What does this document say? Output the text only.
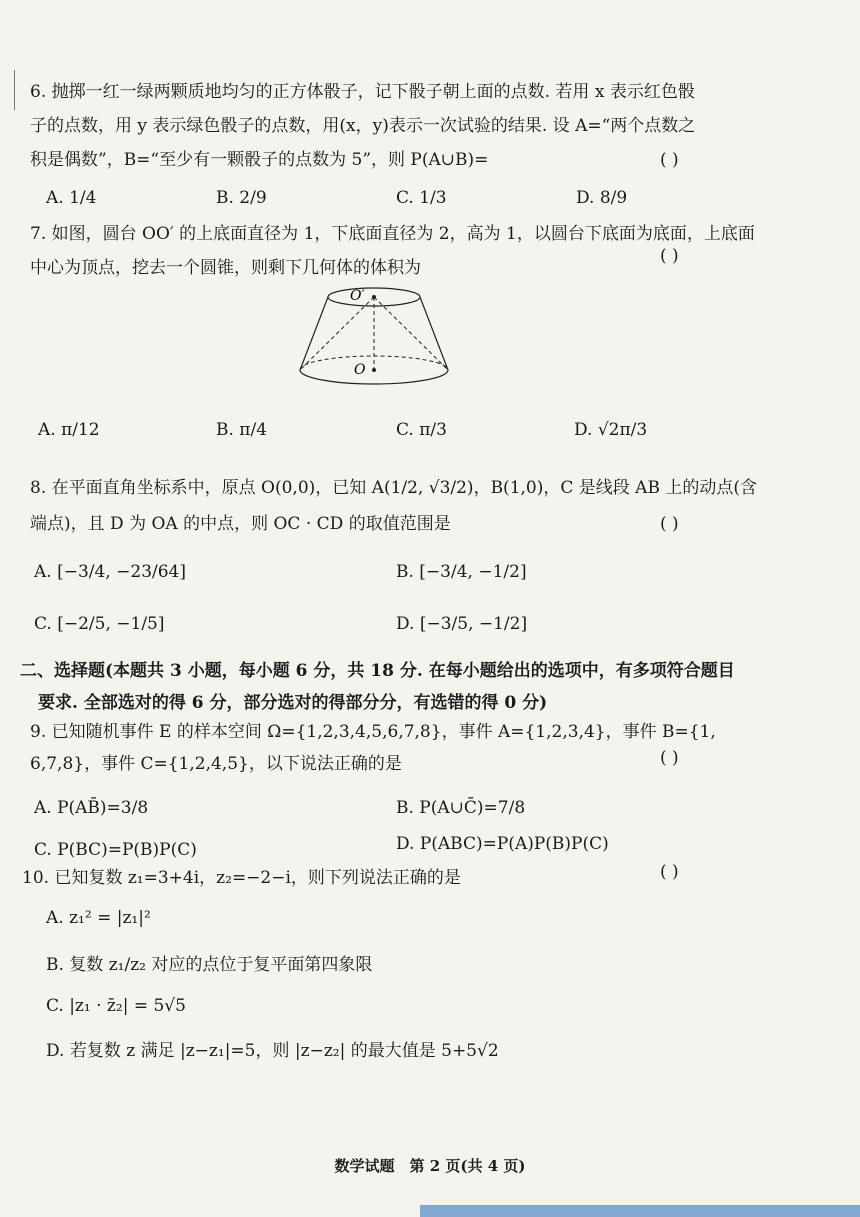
6. 抛掷一红一绿两颗质地均匀的正方体骰子，记下骰子朝上面的点数. 若用 x 表示红色骰
子的点数，用 y 表示绿色骰子的点数，用(x，y)表示一次试验的结果. 设 A=“两个点数之
积是偶数”，B=“至少有一颗骰子的点数为 5”，则 P(A∪B)=	( )
A. 1/4	B. 2/9	C. 1/3	D. 8/9
7. 如图，圆台 OO′ 的上底面直径为 1，下底面直径为 2，高为 1，以圆台下底面为底面，上底面
中心为顶点，挖去一个圆锥，则剩下几何体的体积为
( )
O′
O
A. π/12	B. π/4	C. π/3	D. √2π/3
8. 在平面直角坐标系中，原点 O(0,0)，已知 A(1/2, √3/2)，B(1,0)，C 是线段 AB 上的动点(含
端点)，且 D 为 OA 的中点，则 OC · CD 的取值范围是	( )
A. [−3/4, −23/64]	B. [−3/4, −1/2]
C. [−2/5, −1/5]	D. [−3/5, −1/2]
二、选择题(本题共 3 小题，每小题 6 分，共 18 分. 在每小题给出的选项中，有多项符合题目
要求. 全部选对的得 6 分，部分选对的得部分分，有选错的得 0 分)
9. 已知随机事件 E 的样本空间 Ω={1,2,3,4,5,6,7,8}，事件 A={1,2,3,4}，事件 B={1,
6,7,8}，事件 C={1,2,4,5}，以下说法正确的是	( )
A. P(AB̄)=3/8	B. P(A∪C̄)=7/8
C. P(BC)=P(B)P(C)	D. P(ABC)=P(A)P(B)P(C)
10. 已知复数 z₁=3+4i，z₂=−2−i，则下列说法正确的是	( )
A. z₁² = |z₁|²
B. 复数 z₁/z₂ 对应的点位于复平面第四象限
C. |z₁ · z̄₂| = 5√5
D. 若复数 z 满足 |z−z₁|=5，则 |z−z₂| 的最大值是 5+5√2
数学试题　第 2 页(共 4 页)
